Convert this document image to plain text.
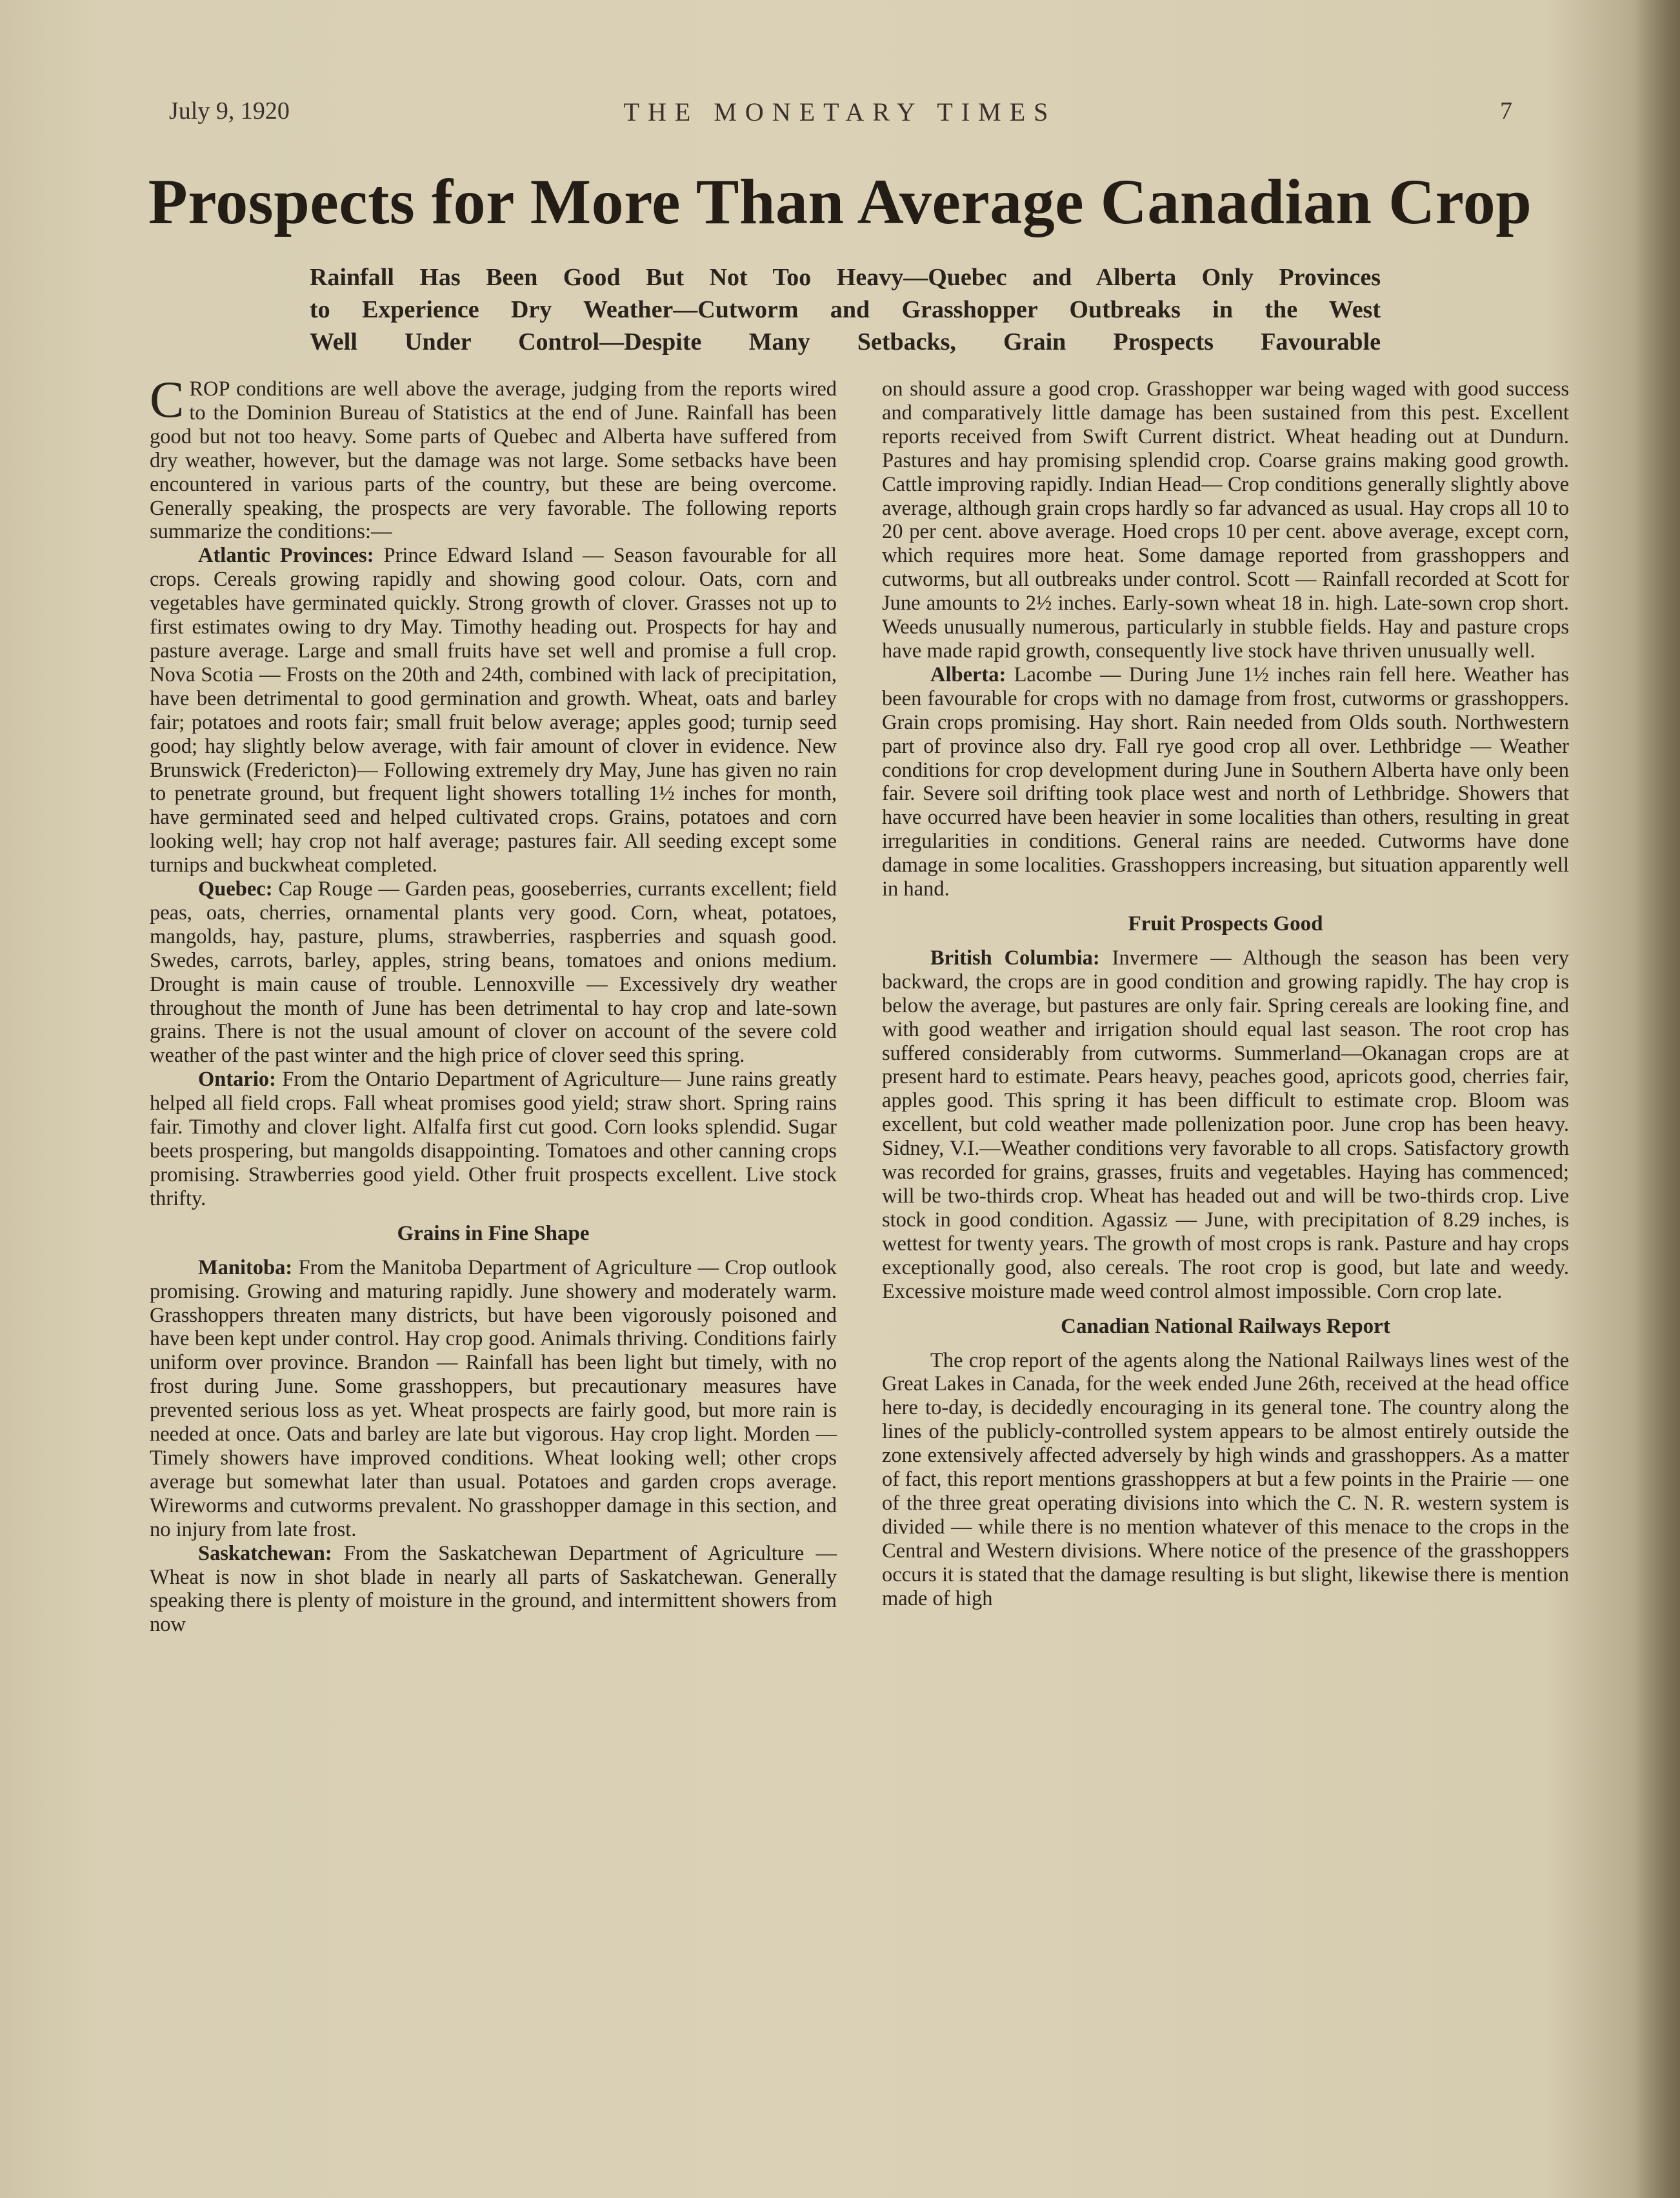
July 9, 1920	THE MONETARY TIMES	7
Prospects for More Than Average Canadian Crop
Rainfall Has Been Good But Not Too Heavy—Quebec and Alberta Only Provinces
to Experience Dry Weather—Cutworm and Grasshopper Outbreaks in the West
Well Under Control—Despite Many Setbacks, Grain Prospects Favourable

CROP conditions are well above the average, judging from the reports wired to the Dominion Bureau of Statistics at the end of June. Rainfall has been good but not too heavy. Some parts of Quebec and Alberta have suffered from dry weather, however, but the damage was not large. Some setbacks have been encountered in various parts of the country, but these are being overcome. Generally speaking, the prospects are very favorable. The following reports summarize the conditions:—

Atlantic Provinces: Prince Edward Island — Season favourable for all crops. Cereals growing rapidly and showing good colour. Oats, corn and vegetables have germinated quickly. Strong growth of clover. Grasses not up to first estimates owing to dry May. Timothy heading out. Prospects for hay and pasture average. Large and small fruits have set well and promise a full crop. Nova Scotia — Frosts on the 20th and 24th, combined with lack of precipitation, have been detrimental to good germination and growth. Wheat, oats and barley fair; potatoes and roots fair; small fruit below average; apples good; turnip seed good; hay slightly below average, with fair amount of clover in evidence. New Brunswick (Fredericton)— Following extremely dry May, June has given no rain to penetrate ground, but frequent light showers totalling 1½ inches for month, have germinated seed and helped cultivated crops. Grains, potatoes and corn looking well; hay crop not half average; pastures fair. All seeding except some turnips and buckwheat completed.

Quebec: Cap Rouge — Garden peas, gooseberries, currants excellent; field peas, oats, cherries, ornamental plants very good. Corn, wheat, potatoes, mangolds, hay, pasture, plums, strawberries, raspberries and squash good. Swedes, carrots, barley, apples, string beans, tomatoes and onions medium. Drought is main cause of trouble. Lennoxville — Excessively dry weather throughout the month of June has been detrimental to hay crop and late-sown grains. There is not the usual amount of clover on account of the severe cold weather of the past winter and the high price of clover seed this spring.

Ontario: From the Ontario Department of Agriculture— June rains greatly helped all field crops. Fall wheat promises good yield; straw short. Spring rains fair. Timothy and clover light. Alfalfa first cut good. Corn looks splendid. Sugar beets prospering, but mangolds disappointing. Tomatoes and other canning crops promising. Strawberries good yield. Other fruit prospects excellent. Live stock thrifty.

Grains in Fine Shape

Manitoba: From the Manitoba Department of Agriculture — Crop outlook promising. Growing and maturing rapidly. June showery and moderately warm. Grasshoppers threaten many districts, but have been vigorously poisoned and have been kept under control. Hay crop good. Animals thriving. Conditions fairly uniform over province. Brandon — Rainfall has been light but timely, with no frost during June. Some grasshoppers, but precautionary measures have prevented serious loss as yet. Wheat prospects are fairly good, but more rain is needed at once. Oats and barley are late but vigorous. Hay crop light. Morden — Timely showers have improved conditions. Wheat looking well; other crops average but somewhat later than usual. Potatoes and garden crops average. Wireworms and cutworms prevalent. No grasshopper damage in this section, and no injury from late frost.

Saskatchewan: From the Saskatchewan Department of Agriculture — Wheat is now in shot blade in nearly all parts of Saskatchewan. Generally speaking there is plenty of moisture in the ground, and intermittent showers from now

on should assure a good crop. Grasshopper war being waged with good success and comparatively little damage has been sustained from this pest. Excellent reports received from Swift Current district. Wheat heading out at Dundurn. Pastures and hay promising splendid crop. Coarse grains making good growth. Cattle improving rapidly. Indian Head— Crop conditions generally slightly above average, although grain crops hardly so far advanced as usual. Hay crops all 10 to 20 per cent. above average. Hoed crops 10 per cent. above average, except corn, which requires more heat. Some damage reported from grasshoppers and cutworms, but all outbreaks under control. Scott — Rainfall recorded at Scott for June amounts to 2½ inches. Early-sown wheat 18 in. high. Late-sown crop short. Weeds unusually numerous, particularly in stubble fields. Hay and pasture crops have made rapid growth, consequently live stock have thriven unusually well.

Alberta: Lacombe — During June 1½ inches rain fell here. Weather has been favourable for crops with no damage from frost, cutworms or grasshoppers. Grain crops promising. Hay short. Rain needed from Olds south. Northwestern part of province also dry. Fall rye good crop all over. Lethbridge — Weather conditions for crop development during June in Southern Alberta have only been fair. Severe soil drifting took place west and north of Lethbridge. Showers that have occurred have been heavier in some localities than others, resulting in great irregularities in conditions. General rains are needed. Cutworms have done damage in some localities. Grasshoppers increasing, but situation apparently well in hand.

Fruit Prospects Good

British Columbia: Invermere — Although the season has been very backward, the crops are in good condition and growing rapidly. The hay crop is below the average, but pastures are only fair. Spring cereals are looking fine, and with good weather and irrigation should equal last season. The root crop has suffered considerably from cutworms. Summerland—Okanagan crops are at present hard to estimate. Pears heavy, peaches good, apricots good, cherries fair, apples good. This spring it has been difficult to estimate crop. Bloom was excellent, but cold weather made pollenization poor. June crop has been heavy. Sidney, V.I.—Weather conditions very favorable to all crops. Satisfactory growth was recorded for grains, grasses, fruits and vegetables. Haying has commenced; will be two-thirds crop. Wheat has headed out and will be two-thirds crop. Live stock in good condition. Agassiz — June, with precipitation of 8.29 inches, is wettest for twenty years. The growth of most crops is rank. Pasture and hay crops exceptionally good, also cereals. The root crop is good, but late and weedy. Excessive moisture made weed control almost impossible. Corn crop late.

Canadian National Railways Report

The crop report of the agents along the National Railways lines west of the Great Lakes in Canada, for the week ended June 26th, received at the head office here to-day, is decidedly encouraging in its general tone. The country along the lines of the publicly-controlled system appears to be almost entirely outside the zone extensively affected adversely by high winds and grasshoppers. As a matter of fact, this report mentions grasshoppers at but a few points in the Prairie — one of the three great operating divisions into which the C. N. R. western system is divided — while there is no mention whatever of this menace to the crops in the Central and Western divisions. Where notice of the presence of the grasshoppers occurs it is stated that the damage resulting is but slight, likewise there is mention made of high
